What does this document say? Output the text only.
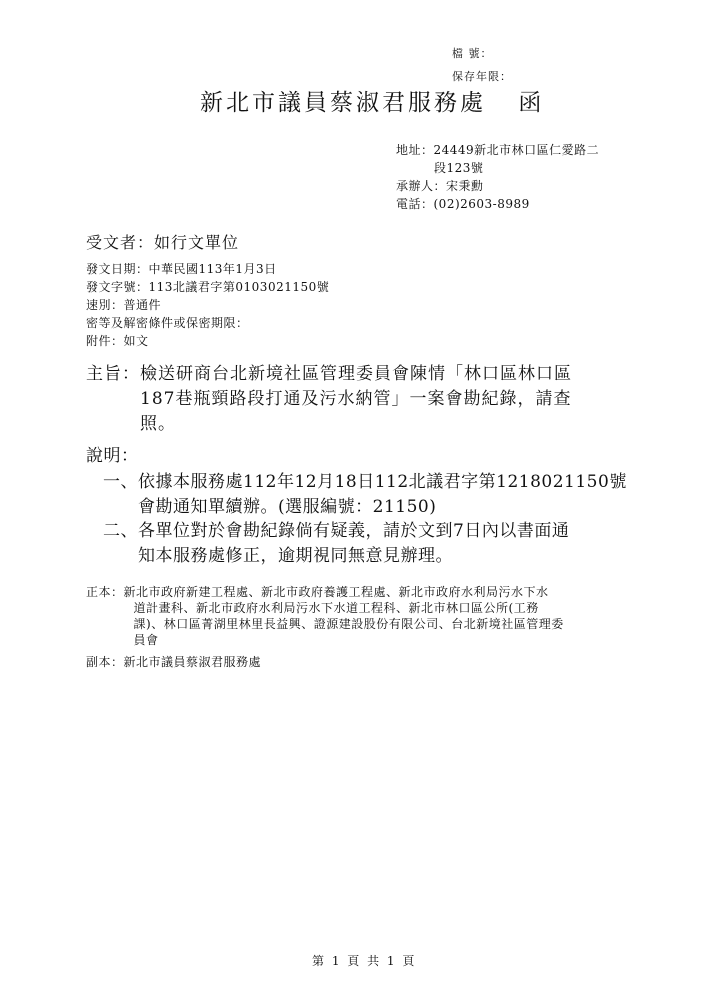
檔 號：
保存年限：
新北市議員蔡淑君服務處 函
地址：24449新北市林口區仁愛路二
段123號
承辦人：宋秉勳
電話：(02)2603-8989
受文者：如行文單位
發文日期：中華民國113年1月3日
發文字號：113北議君字第0103021150號
速別：普通件
密等及解密條件或保密期限：
附件：如文
主旨： 檢送研商台北新境社區管理委員會陳情「林口區林口區
187巷瓶頸路段打通及污水納管」一案會勘紀錄，請查
照。
說明：
一、 依據本服務處112年12月18日112北議君字第1218021150號
會勘通知單續辦。(選服編號：21150)
二、 各單位對於會勘紀錄倘有疑義，請於文到7日內以書面通
知本服務處修正，逾期視同無意見辦理。
正本： 新北市政府新建工程處、新北市政府養護工程處、新北市政府水利局污水下水
道計畫科、新北市政府水利局污水下水道工程科、新北市林口區公所(工務
課)、林口區菁湖里林里長益興、證源建設股份有限公司、台北新境社區管理委
員會
副本：新北市議員蔡淑君服務處
第 1 頁 共 1 頁
